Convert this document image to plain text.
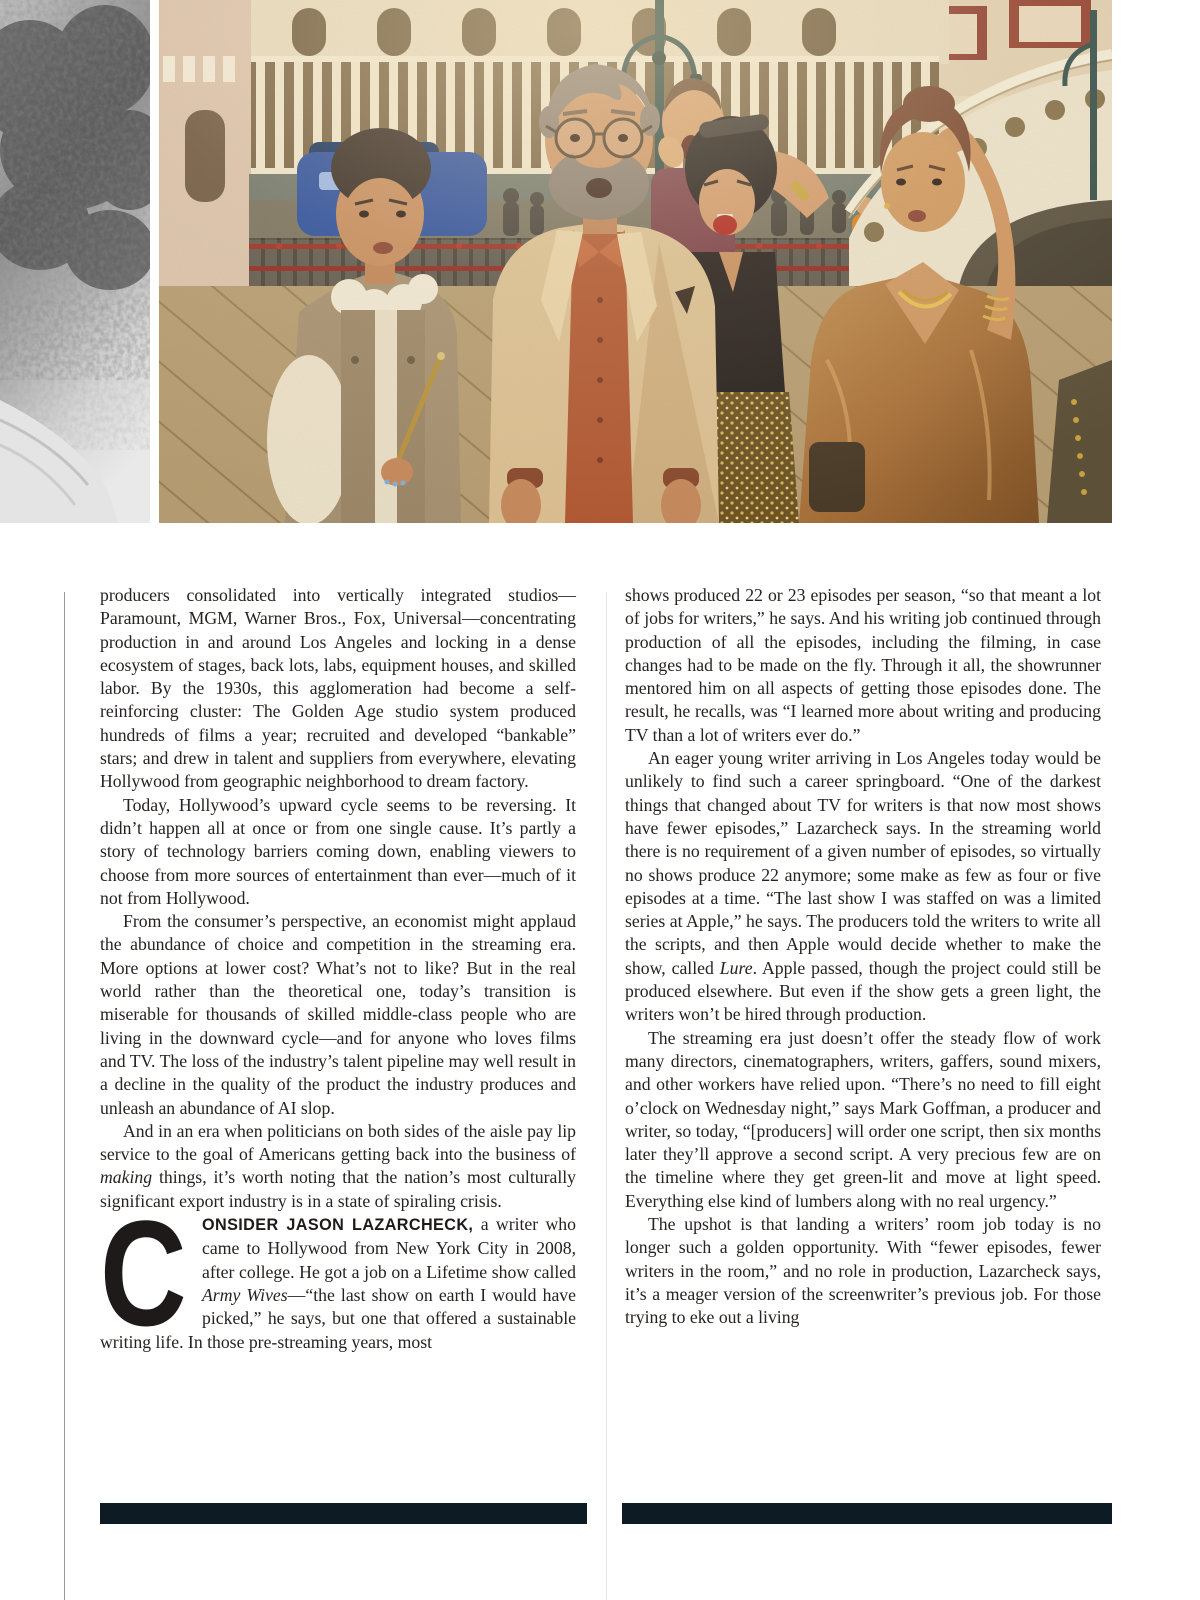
producers consolidated into vertically integrated studios—Paramount, MGM, Warner Bros., Fox, Universal—concentrating production in and around Los Angeles and locking in a dense ecosystem of stages, back lots, labs, equipment houses, and skilled labor. By the 1930s, this agglomeration had become a self-reinforcing cluster: The Golden Age studio system produced hundreds of films a year; recruited and developed “bankable” stars; and drew in talent and suppliers from everywhere, elevating Hollywood from geographic neighborhood to dream factory.

Today, Hollywood’s upward cycle seems to be reversing. It didn’t happen all at once or from one single cause. It’s partly a story of technology barriers coming down, enabling viewers to choose from more sources of entertainment than ever—much of it not from Hollywood.

From the consumer’s perspective, an economist might applaud the abundance of choice and competition in the streaming era. More options at lower cost? What’s not to like? But in the real world rather than the theoretical one, today’s transition is miserable for thousands of skilled middle-class people who are living in the downward cycle—and for anyone who loves films and TV. The loss of the industry’s talent pipeline may well result in a decline in the quality of the product the industry produces and unleash an abundance of AI slop.

And in an era when politicians on both sides of the aisle pay lip service to the goal of Americans getting back into the business of making things, it’s worth noting that the nation’s most culturally significant export industry is in a state of spiraling crisis.

CONSIDER JASON LAZARCHECK, a writer who came to Hollywood from New York City in 2008, after college. He got a job on a Lifetime show called Army Wives—“the last show on earth I would have picked,” he says, but one that offered a sustainable writing life. In those pre-streaming years, most

shows produced 22 or 23 episodes per season, “so that meant a lot of jobs for writers,” he says. And his writing job continued through production of all the episodes, including the filming, in case changes had to be made on the fly. Through it all, the showrunner mentored him on all aspects of getting those episodes done. The result, he recalls, was “I learned more about writing and producing TV than a lot of writers ever do.”

An eager young writer arriving in Los Angeles today would be unlikely to find such a career springboard. “One of the darkest things that changed about TV for writers is that now most shows have fewer episodes,” Lazarcheck says. In the streaming world there is no requirement of a given number of episodes, so virtually no shows produce 22 anymore; some make as few as four or five episodes at a time. “The last show I was staffed on was a limited series at Apple,” he says. The producers told the writers to write all the scripts, and then Apple would decide whether to make the show, called Lure. Apple passed, though the project could still be produced elsewhere. But even if the show gets a green light, the writers won’t be hired through production.

The streaming era just doesn’t offer the steady flow of work many directors, cinematographers, writers, gaffers, sound mixers, and other workers have relied upon. “There’s no need to fill eight o’clock on Wednesday night,” says Mark Goffman, a producer and writer, so today, “[producers] will order one script, then six months later they’ll approve a second script. A very precious few are on the timeline where they get green-lit and move at light speed. Everything else kind of lumbers along with no real urgency.”

The upshot is that landing a writers’ room job today is no longer such a golden opportunity. With “fewer episodes, fewer writers in the room,” and no role in production, Lazarcheck says, it’s a meager version of the screenwriter’s previous job. For those trying to eke out a living
